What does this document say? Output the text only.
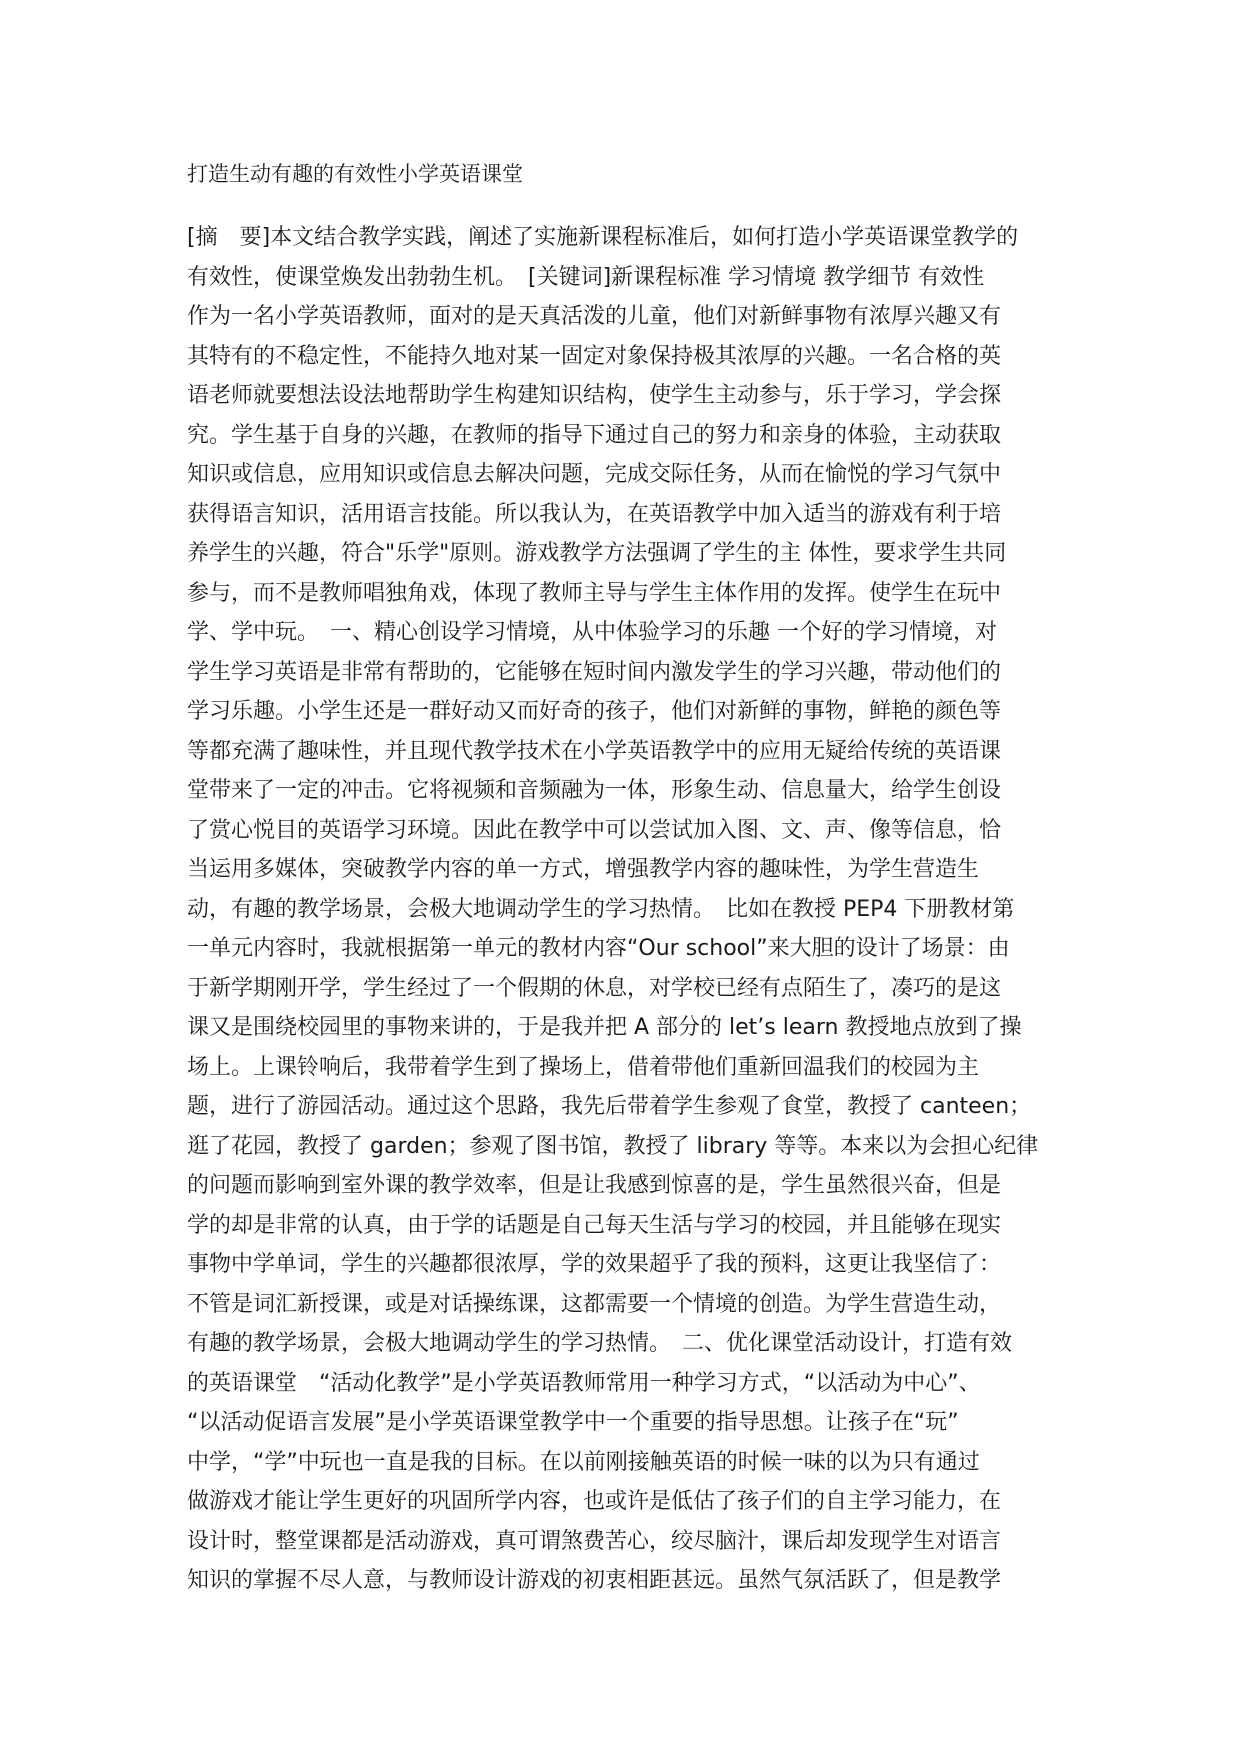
打造生动有趣的有效性小学英语课堂
[摘　要]本文结合教学实践，阐述了实施新课程标准后，如何打造小学英语课堂教学的
有效性，使课堂焕发出勃勃生机。　[关键词]新课程标准 学习情境 教学细节 有效性
作为一名小学英语教师，面对的是天真活泼的儿童，他们对新鲜事物有浓厚兴趣又有
其特有的不稳定性，不能持久地对某一固定对象保持极其浓厚的兴趣。一名合格的英
语老师就要想法设法地帮助学生构建知识结构，使学生主动参与，乐于学习，学会探
究。学生基于自身的兴趣，在教师的指导下通过自己的努力和亲身的体验，主动获取
知识或信息，应用知识或信息去解决问题，完成交际任务，从而在愉悦的学习气氛中
获得语言知识，活用语言技能。所以我认为，在英语教学中加入适当的游戏有利于培
养学生的兴趣，符合"乐学"原则。游戏教学方法强调了学生的主 体性，要求学生共同
参与，而不是教师唱独角戏，体现了教师主导与学生主体作用的发挥。使学生在玩中
学、学中玩。　一、精心创设学习情境，从中体验学习的乐趣 一个好的学习情境，对
学生学习英语是非常有帮助的，它能够在短时间内激发学生的学习兴趣，带动他们的
学习乐趣。小学生还是一群好动又而好奇的孩子，他们对新鲜的事物，鲜艳的颜色等
等都充满了趣味性，并且现代教学技术在小学英语教学中的应用无疑给传统的英语课
堂带来了一定的冲击。它将视频和音频融为一体，形象生动、信息量大，给学生创设
了赏心悦目的英语学习环境。因此在教学中可以尝试加入图、文、声、像等信息，恰
当运用多媒体，突破教学内容的单一方式，增强教学内容的趣味性，为学生营造生
动，有趣的教学场景，会极大地调动学生的学习热情。　比如在教授 PEP4 下册教材第
一单元内容时，我就根据第一单元的教材内容“Our school”来大胆的设计了场景：由
于新学期刚开学，学生经过了一个假期的休息，对学校已经有点陌生了，凑巧的是这
课又是围绕校园里的事物来讲的，于是我并把 A 部分的 let’s learn 教授地点放到了操
场上。上课铃响后，我带着学生到了操场上，借着带他们重新回温我们的校园为主
题，进行了游园活动。通过这个思路，我先后带着学生参观了食堂，教授了 canteen；
逛了花园，教授了 garden；参观了图书馆，教授了 library 等等。本来以为会担心纪律
的问题而影响到室外课的教学效率，但是让我感到惊喜的是，学生虽然很兴奋，但是
学的却是非常的认真，由于学的话题是自己每天生活与学习的校园，并且能够在现实
事物中学单词，学生的兴趣都很浓厚，学的效果超乎了我的预料，这更让我坚信了：
不管是词汇新授课，或是对话操练课，这都需要一个情境的创造。为学生营造生动，
有趣的教学场景，会极大地调动学生的学习热情。　二、优化课堂活动设计，打造有效
的英语课堂　“活动化教学”是小学英语教师常用一种学习方式，“以活动为中心”、
“以活动促语言发展”是小学英语课堂教学中一个重要的指导思想。让孩子在“玩”
中学，“学”中玩也一直是我的目标。在以前刚接触英语的时候一味的以为只有通过
做游戏才能让学生更好的巩固所学内容，也或许是低估了孩子们的自主学习能力，在
设计时，整堂课都是活动游戏，真可谓煞费苦心，绞尽脑汁，课后却发现学生对语言
知识的掌握不尽人意，与教师设计游戏的初衷相距甚远。虽然气氛活跃了，但是教学
